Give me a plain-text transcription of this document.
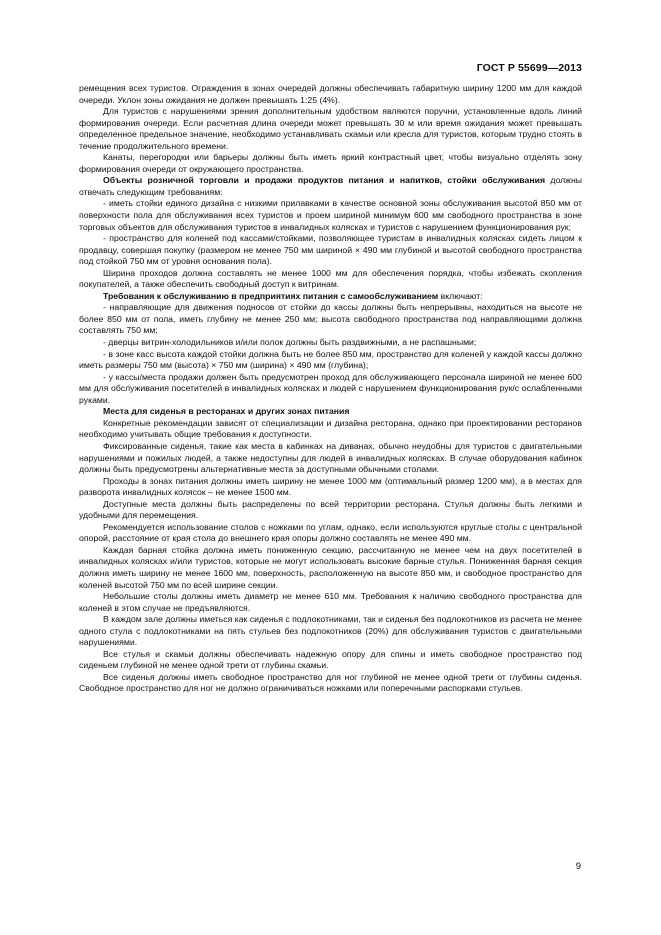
ГОСТ Р 55699—2013

ремещения всех туристов. Ограждения в зонах очередей должны обеспечивать габаритную ширину 1200 мм для каждой очереди. Уклон зоны ожидания не должен превышать 1:25 (4%).

Для туристов с нарушениями зрения дополнительным удобством являются поручни, установленные вдоль линий формирования очереди. Если расчетная длина очереди может превышать 30 м или время ожидания может превышать определенное предельное значение, необходимо устанавливать скамьи или кресла для туристов, которым трудно стоять в течение продолжительного времени.

Канаты, перегородки или барьеры должны быть иметь яркий контрастный цвет, чтобы визуально отделять зону формирования очереди от окружающего пространства.

Объекты розничной торговли и продажи продуктов питания и напитков, стойки обслуживания должны отвечать следующим требованиям:

- иметь стойки единого дизайна с низкими прилавками в качестве основной зоны обслуживания высотой 850 мм от поверхности пола для обслуживания всех туристов и проем шириной минимум 600 мм свободного пространства в зоне торговых объектов для обслуживания туристов в инвалидных колясках и туристов с нарушением функционирования рук;

- пространство для коленей под кассами/стойками, позволяющее туристам в инвалидных колясках сидеть лицом к продавцу, совершая покупку (размером не менее 750 мм шириной × 490 мм глубиной и высотой свободного пространства под стойкой 750 мм от уровня основания пола).

Ширина проходов должна составлять не менее 1000 мм для обеспечения порядка, чтобы избежать скопления покупателей, а также обеспечить свободный доступ к витринам.

Требования к обслуживанию в предприятиях питания с самообслуживанием включают:

- направляющие для движения подносов от стойки до кассы должны быть непрерывны, находиться на высоте не более 850 мм от пола, иметь глубину не менее 250 мм; высота свободного пространства под направляющими должна составлять 750 мм;

- дверцы витрин-холодильников и/или полок должны быть раздвижными, а не распашными;

- в зоне касс высота каждой стойки должна быть не более 850 мм, пространство для коленей у каждой кассы должно иметь размеры 750 мм (высота) × 750 мм (ширина) × 490 мм (глубина);

- у кассы/места продажи должен быть предусмотрен проход для обслуживающего персонала шириной не менее 600 мм для обслуживания посетителей в инвалидных колясках и людей с нарушением функционирования рук/с ослабленными руками.

Места для сиденья в ресторанах и других зонах питания

Конкретные рекомендации зависят от специализации и дизайна ресторана, однако при проектировании ресторанов необходимо учитывать общие требования к доступности.

Фиксированные сиденья, такие как места в кабинках на диванах, обычно неудобны для туристов с двигательными нарушениями и пожилых людей, а также недоступны для людей в инвалидных колясках. В случае оборудования кабинок должны быть предусмотрены альтернативные места за доступными обычными столами.

Проходы в зонах питания должны иметь ширину не менее 1000 мм (оптимальный размер 1200 мм), а в местах для разворота инвалидных колясок – не менее 1500 мм.

Доступные места должны быть распределены по всей территории ресторана. Стулья должны быть легкими и удобными для перемещения.

Рекомендуется использование столов с ножками по углам, однако, если используются круглые столы с центральной опорой, расстояние от края стола до внешнего края опоры должно составлять не менее 490 мм.

Каждая барная стойка должна иметь пониженную секцию, рассчитанную не менее чем на двух посетителей в инвалидных колясках и/или туристов, которые не могут использовать высокие барные стулья. Пониженная барная секция должна иметь ширину не менее 1600 мм, поверхность, расположенную на высоте 850 мм, и свободное пространство для коленей высотой 750 мм по всей ширине секции.

Небольшие столы должны иметь диаметр не менее 610 мм. Требования к наличию свободного пространства для коленей в этом случае не предъявляются.

В каждом зале должны иметься как сиденья с подлокотниками, так и сиденья без подлокотников из расчета не менее одного стула с подлокотниками на пять стульев без подлокотников (20%) для обслуживания туристов с двигательными нарушениями.

Все стулья и скамьи должны обеспечивать надежную опору для спины и иметь свободное пространство под сиденьем глубиной не менее одной трети от глубины скамьи.

Все сиденья должны иметь свободное пространство для ног глубиной не менее одной трети от глубины сиденья. Свободное пространство для ног не должно ограничиваться ножками или поперечными распорками стульев.

9
